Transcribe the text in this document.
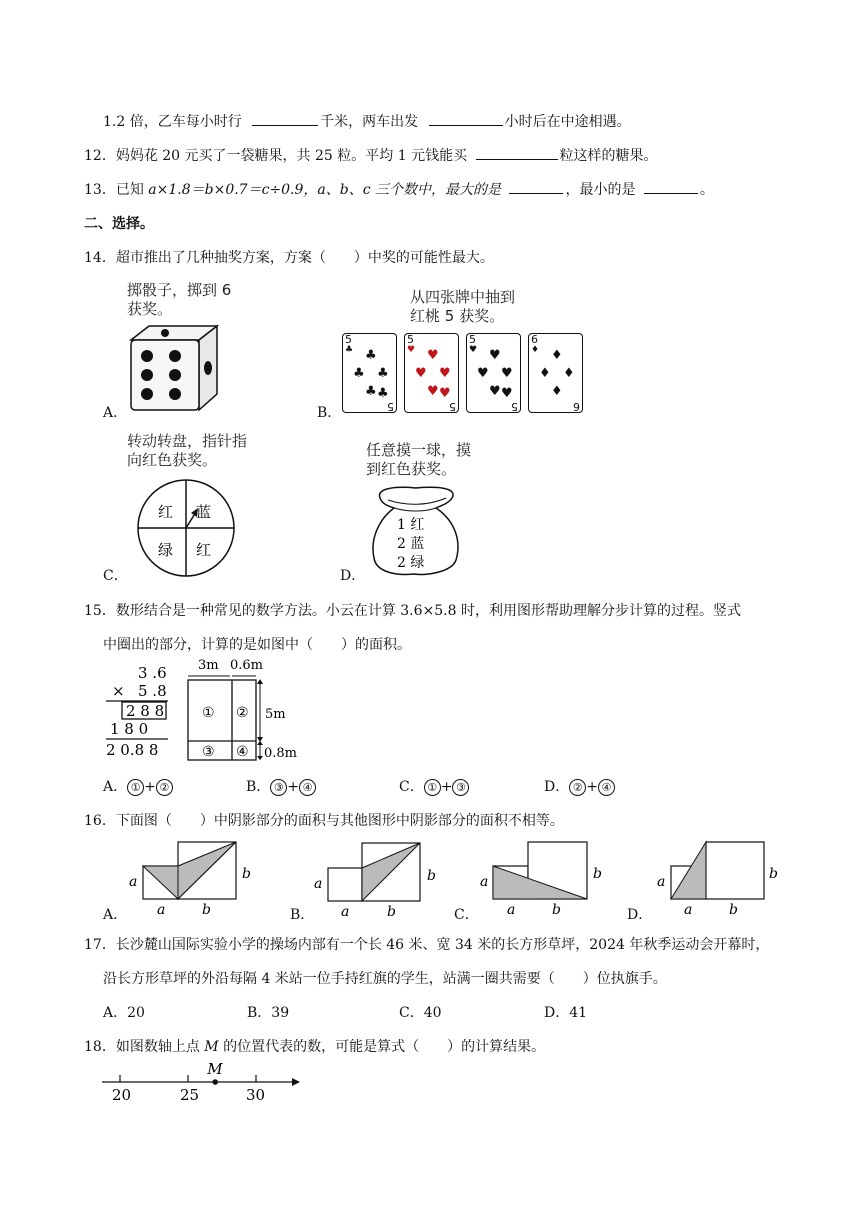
1.2 倍，乙车每小时行	千米，两车出发	小时后在中途相遇。
12．妈妈花 20 元买了一袋糖果，共 25 粒。平均 1 元钱能买	粒这样的糖果。
13．已知 a×1.8＝b×0.7＝c÷0.9，a、b、c 三个数中，最大的是	，最小的是	。
二、选择。
14．超市推出了几种抽奖方案，方案（　　）中奖的可能性最大。
掷骰子，掷到 6
获奖。
A．
从四张牌中抽到
红桃 5 获奖。
5
♣ ♣
♣ ♣
♣ ♣
5
5
♥ ♥
♥ ♥
♥ ♥
5
5
♥ ♥
♥ ♥
♥ ♥
5
6
♦ ♦
♦ ♦
♦
6
B．
转动转盘，指针指
向红色获奖。
红 蓝
绿 红
C．
任意摸一球，摸
到红色获奖。
1 红
2 蓝
2 绿
D．
15．数形结合是一种常见的数学方法。小云在计算 3.6×5.8 时，利用图形帮助理解分步计算的过程。竖式
中圈出的部分，计算的是如图中（　　）的面积。
3 .6
× 5 .8
2 8 8
1 8 0
2 0.8 8
3m 0.6m
① ②
③ ④
5m
0.8m
A． ① + ②	B． ③ + ④	C． ① + ③	D． ② + ④
16．下面图（　　）中阴影部分的面积与其他图形中阴影部分的面积不相等。
a
a	b
b
a
a	b
b	a
a	b
b	a
a	b
b
A．	B．	C．	D．
17．长沙麓山国际实验小学的操场内部有一个长 46 米、宽 34 米的长方形草坪，2024 年秋季运动会开幕时，
沿长方形草坪的外沿每隔 4 米站一位手持红旗的学生，站满一圈共需要（　　）位执旗手。
A．20	B．39	C．40	D．41
18．如图数轴上点 M 的位置代表的数，可能是算式（　　）的计算结果。
20	25	30
M
